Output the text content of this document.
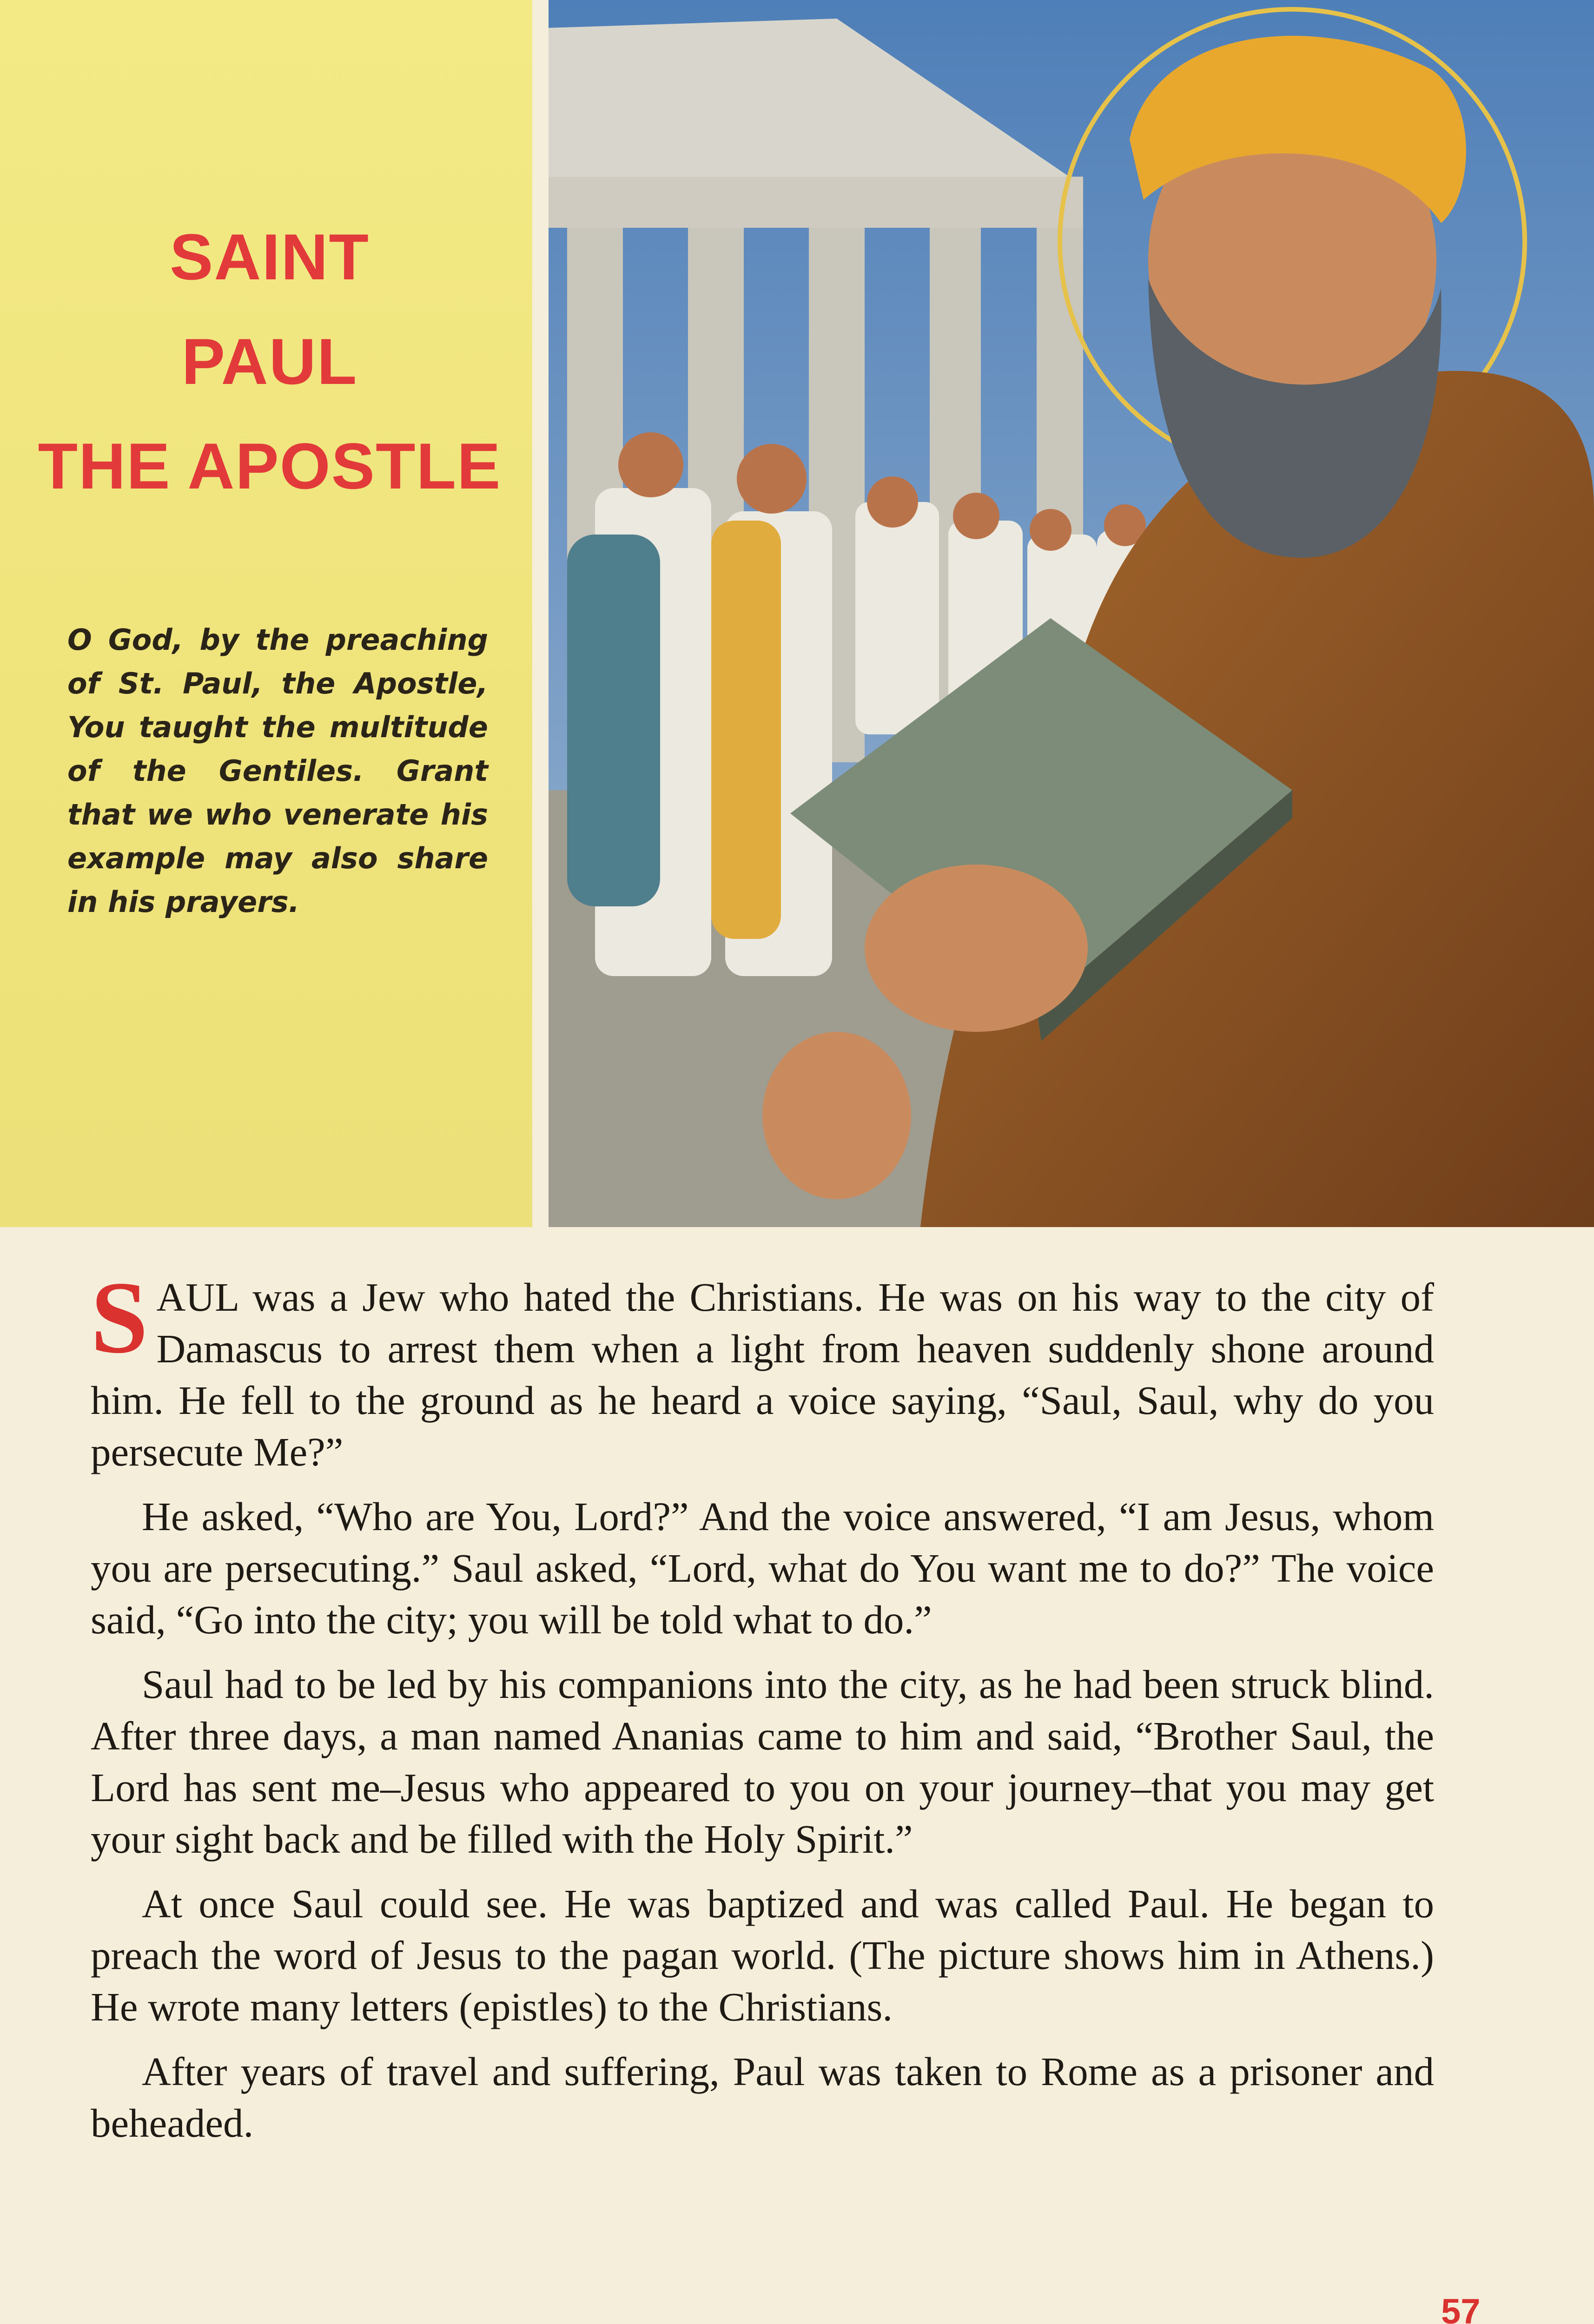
SAINT
PAUL
THE APOSTLE
O God, by the preaching of St. Paul, the Apostle, You taught the multitude of the Gentiles. Grant that we who venerate his example may also share in his prayers.

SAUL was a Jew who hated the Christians. He was on his way to the city of Damascus to arrest them when a light from heaven suddenly shone around him. He fell to the ground as he heard a voice saying, “Saul, Saul, why do you persecute Me?”

He asked, “Who are You, Lord?” And the voice answered, “I am Jesus, whom you are persecuting.” Saul asked, “Lord, what do You want me to do?” The voice said, “Go into the city; you will be told what to do.”

Saul had to be led by his companions into the city, as he had been struck blind. After three days, a man named Ananias came to him and said, “Brother Saul, the Lord has sent me–Jesus who appeared to you on your journey–that you may get your sight back and be filled with the Holy Spirit.”

At once Saul could see. He was baptized and was called Paul. He began to preach the word of Jesus to the pagan world. (The picture shows him in Athens.) He wrote many letters (epistles) to the Christians.

After years of travel and suffering, Paul was taken to Rome as a prisoner and beheaded.

57
